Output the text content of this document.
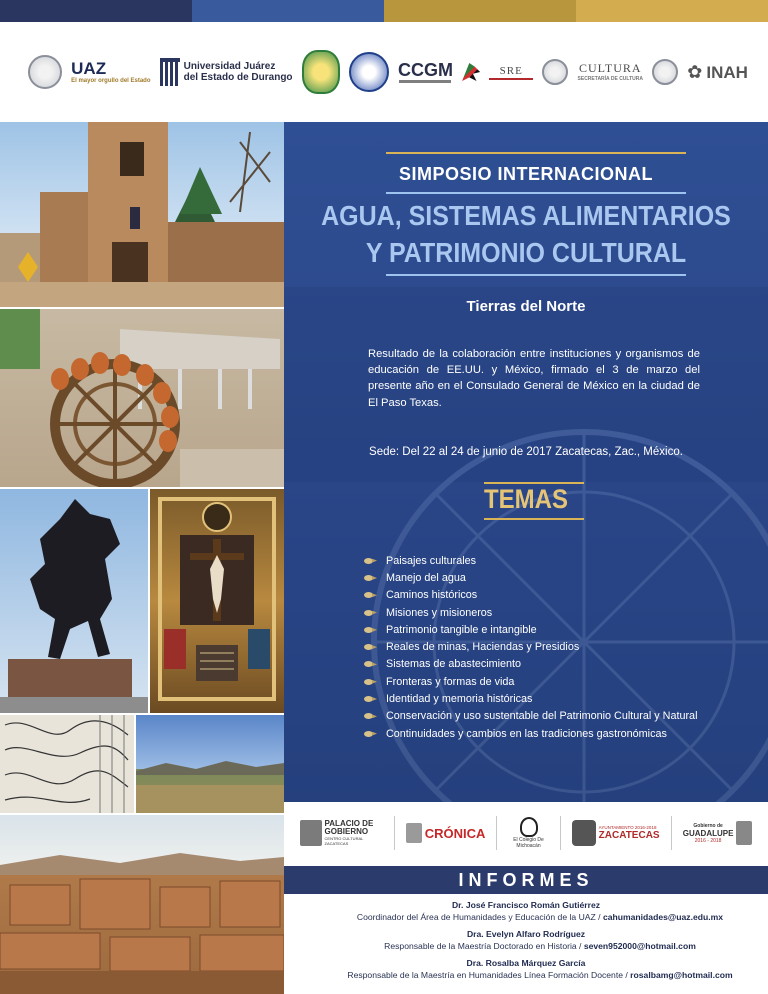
UAZ
El mayor orgullo del Estado
Universidad Juárez
del Estado de Durango	CCGM	SRE	CULTURA
SECRETARÍA DE CULTURA ✿ INAH
SIMPOSIO INTERNACIONAL
AGUA, SISTEMAS ALIMENTARIOS
Y PATRIMONIO CULTURAL
Tierras del Norte

Resultado de la colaboración entre instituciones y organismos de educación de EE.UU. y México, firmado el 3 de marzo del presente año en el Consulado General de México en la ciudad de El Paso Texas.

Sede: Del 22 al 24 de junio de 2017 Zacatecas, Zac., México.
TEMAS
Paisajes culturales
Manejo del agua
Caminos históricos
Misiones y misioneros
Patrimonio tangible e intangible
Reales de minas, Haciendas y Presidios
Sistemas de abastecimiento
Fronteras y formas de vida
Identidad y memoria históricas
Conservación y uso sustentable del Patrimonio Cultural y Natural
Continuidades y cambios en las tradiciones gastronómicas
PALACIO DE GOBIERNO
CENTRO CULTURAL ZACATECAS
CRÓNICA	El Colegio De Michoacán
AYUNTAMIENTO 2016-2018
ZACATECAS
Gobierno de
GUADALUPE
2016 - 2018
INFORMES
Dr. José Francisco Román Gutiérrez
Coordinador del Área de Humanidades y Educación de la UAZ / cahumanidades@uaz.edu.mx
Dra. Evelyn Alfaro Rodríguez
Responsable de la Maestría Doctorado en Historia / seven952000@hotmail.com
Dra. Rosalba Márquez García
Responsable de la Maestría en Humanidades Línea Formación Docente / rosalbamg@hotmail.com
